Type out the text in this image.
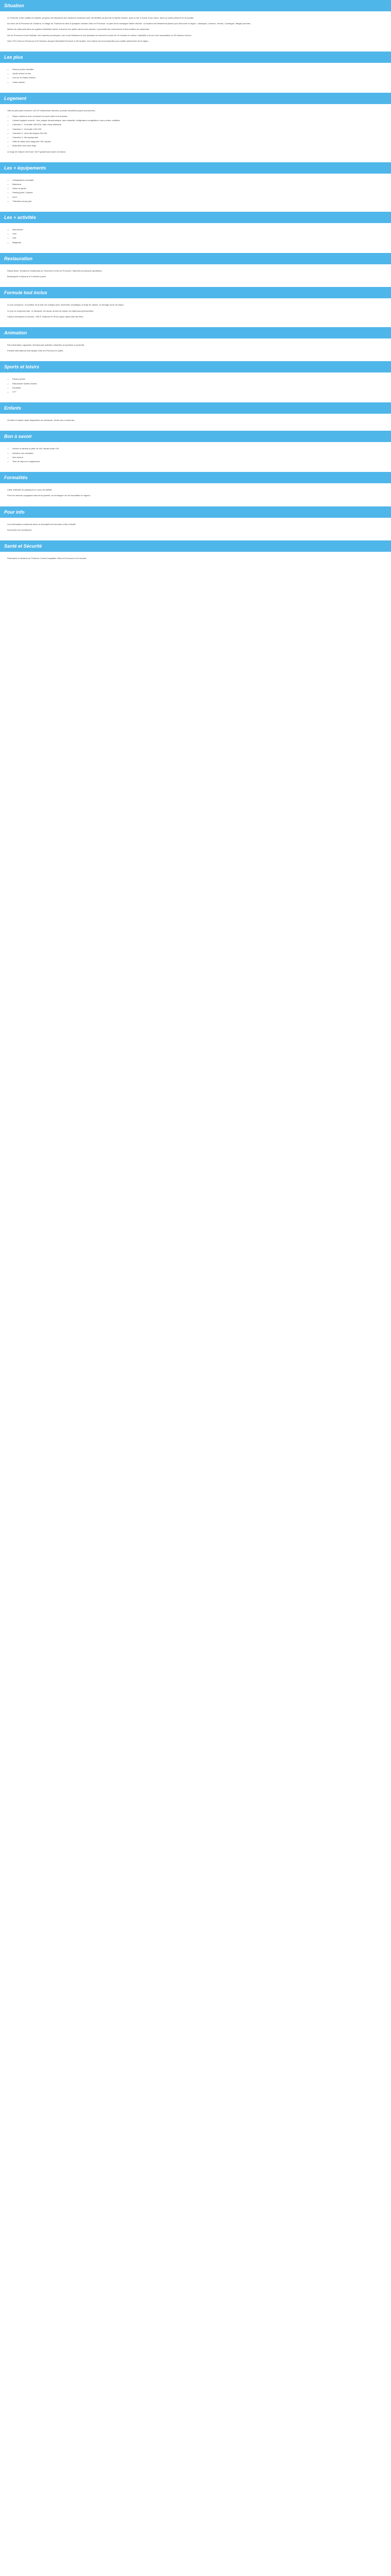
Situation
Le Tholonet, entre ruralité et urbanité, propose aux Alsaciens des vacances modernes pour les familles au pied de la Sainte-Victoire, avec la mer à moins d'une heure, dans un cadre préservé et de qualité.
Au cœur de la Provence de Cézanne, le village du Tholonet se situe à quelques minutes d'Aix-en-Provence, au pied de la montagne Sainte-Victoire. La location est idéalement placée pour découvrir la région : calanques, Luberon, Verdon, Camargue, villages perchés…
Maison de plain-pied dans un quartier résidentiel calme, entourée d'un jardin arboré avec piscine, à proximité des commerces et des sentiers de randonnée.
Aix-en-Provence et ses festivals, ses marchés provençaux, son cours Mirabeau et ses fontaines se trouvent à moins de 10 minutes en voiture. Marseille et la mer sont accessibles en 30 minutes environ.
Gare TGV d'Aix-en-Provence à 20 minutes, aéroport Marseille-Provence à 25 minutes. Une voiture est recommandée pour profiter pleinement de la région.
Les plus
• Piscine privée chauffée
• Jardin arboré et clos
• Vue sur la Sainte-Victoire
• Calme absolu
Logement
Villa de plain-pied d'environ 120 m² entièrement rénovée, pouvant accueillir jusqu'à 8 personnes.
• Séjour lumineux avec cheminée et accès direct à la terrasse
• Cuisine équipée ouverte : four, plaque vitrocéramique, lave-vaisselle, réfrigérateur-congélateur, micro-ondes, cafetière
• Chambre 1 : lit double 160×200, salle d'eau attenante
• Chambre 2 : lit double 140×190
• Chambre 3 : deux lits simples 90×190
• Chambre 4 : lits superposés
• Salle de bains avec baignoire, WC séparé
• Buanderie avec lave-linge
Le linge de maison est fourni. Wi-Fi gratuit dans toute la maison.
Les + équipements
• Climatisation réversible
• Barbecue
• Salon de jardin
• Parking privé 2 places
• Wi-Fi
• Télévision écran plat
Les + activités
• Randonnée
• Vélo
• Golf
• Baignade
Restauration
Repas libres. Nombreux restaurants au Tholonet et à Aix-en-Provence. Marchés provençaux quotidiens.
Boulangerie et épicerie à 5 minutes à pied.
Formule tout inclus
Le prix comprend : la location de la villa, les charges (eau, électricité, chauffage), le linge de maison, le ménage de fin de séjour.
Le prix ne comprend pas : le transport, les repas, la taxe de séjour, les dépenses personnelles.
Caution demandée à l'arrivée : 500 €, restituée en fin de séjour après état des lieux.
Animation
Pas d'animation organisée. Nombreuses activités culturelles et sportives à proximité.
Festival international d'art lyrique d'Aix-en-Provence en juillet.
Sports et loisirs
• Piscine privée
• Randonnée Sainte-Victoire
• Escalade
• VTT
Enfants
Lit bébé et chaise haute disponibles sur demande. Jardin clos et sécurisé.
Bon à savoir
• Arrivée le samedi à partir de 16h, départ avant 10h
• Animaux non acceptés
• Non-fumeur
• Taxe de séjour en supplément
Formalités
Carte d'identité ou passeport en cours de validité.
Pour les mineurs voyageant sans leurs parents, se renseigner sur les formalités en vigueur.
Pour info
Les informations contenues dans ce descriptif sont données à titre indicatif.
Document non contractuel.
Santé et Sécurité
Pharmacie et médecin au Tholonet. Centre hospitalier d'Aix-en-Provence à 10 minutes.
